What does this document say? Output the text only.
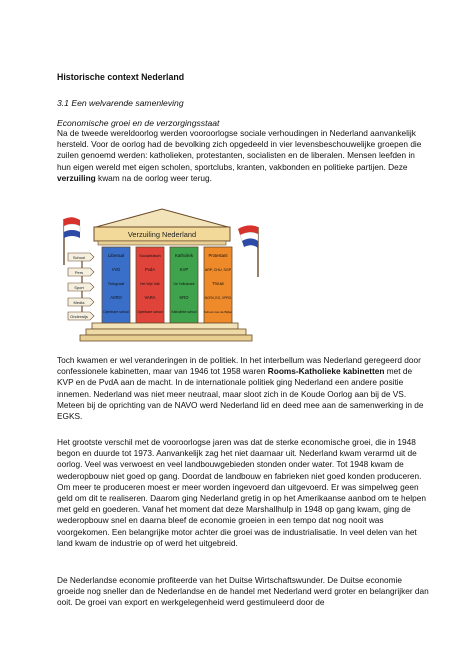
Historische context Nederland
3.1 Een welvarende samenleving
Economische groei en de verzorgingsstaat

Na de tweede wereldoorlog werden vooroorlogse sociale verhoudingen in Nederland aanvankelijk hersteld. Voor de oorlog had de bevolking zich opgedeeld in vier levensbeschouwelijke groepen die zuilen genoemd werden: katholieken, protestanten, socialisten en de liberalen. Mensen leefden in hun eigen wereld met eigen scholen, sportclubs, kranten, vakbonden en politieke partijen. Deze verzuiling kwam na de oorlog weer terug.

Verzuiling Nederland
School
Pers
Sport
Media
Onderwijs
Liberaal
VVD
Telegraaf
AVRO
Openbare school
Socialistisch
PvdA
Het Vrije Volk
VARA
Openbare school
Katholiek
KVP
De Volkskrant
KRO
Katholieke school
Protestant
ARP, CHU, SGP
Trouw
NCRV, EO, VPRO
School met de Bijbel

Toch kwamen er wel veranderingen in de politiek. In het interbellum was Nederland geregeerd door confessionele kabinetten, maar van 1946 tot 1958 waren Rooms-Katholieke kabinetten met de KVP en de PvdA aan de macht. In de internationale politiek ging Nederland een andere positie innemen. Nederland was niet meer neutraal, maar sloot zich in de Koude Oorlog aan bij de VS. Meteen bij de oprichting van de NAVO werd Nederland lid en deed mee aan de samenwerking in de EGKS.

Het grootste verschil met de vooroorlogse jaren was dat de sterke economische groei, die in 1948 begon en duurde tot 1973. Aanvankelijk zag het niet daarnaar uit. Nederland kwam verarmd uit de oorlog. Veel was verwoest en veel landbouwgebieden stonden onder water. Tot 1948 kwam de wederopbouw niet goed op gang. Doordat de landbouw en fabrieken niet goed konden produceren. Om meer te produceren moest er meer worden ingevoerd dan uitgevoerd. Er was simpelweg geen geld om dit te realiseren. Daarom ging Nederland gretig in op het Amerikaanse aanbod om te helpen met geld en goederen. Vanaf het moment dat deze Marshallhulp in 1948 op gang kwam, ging de wederopbouw snel en daarna bleef de economie groeien in een tempo dat nog nooit was voorgekomen. Een belangrijke motor achter die groei was de industrialisatie. In veel delen van het land kwam de industrie op of werd het uitgebreid.

De Nederlandse economie profiteerde van het Duitse Wirtschaftswunder. De Duitse economie groeide nog sneller dan de Nederlandse en de handel met Nederland werd groter en belangrijker dan ooit. De groei van export en werkgelegenheid werd gestimuleerd door de
